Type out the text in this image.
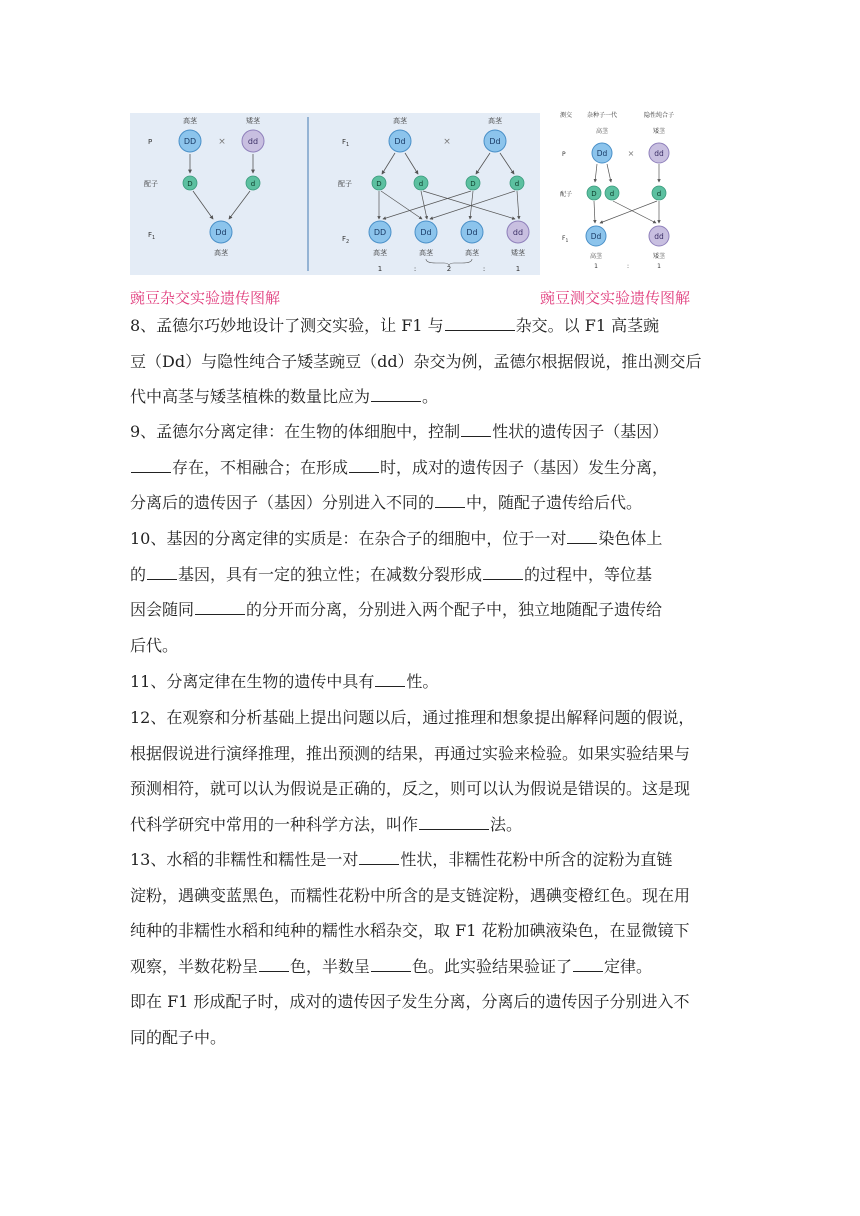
高茎	矮茎
P
配子
$F_1$
DD ×	dd
D	d
Dd
高茎
$F_1$
配子
$F_2$
高茎	高茎
Dd	×	Dd
D	d	D	d
DD	Dd	Dd	dd
高茎	高茎	高茎	矮茎
1	:	2	:	1
测交 杂种子一代	隐性纯合子
高茎	矮茎
P
配子
$F_1$
Dd	×	dd
D d	d
Dd	dd
高茎	矮茎
1	:	1
豌豆杂交实验遗传图解	豌豆测交实验遗传图解
8、孟德尔巧妙地设计了测交实验，让 F1 与	杂交。以 F1 高茎豌
豆（Dd）与隐性纯合子矮茎豌豆（dd）杂交为例，孟德尔根据假说，推出测交后
代中高茎与矮茎植株的数量比应为	。
9、孟德尔分离定律：在生物的体细胞中，控制 性状的遗传因子（基因）
存在，不相融合；在形成 时，成对的遗传因子（基因）发生分离，
分离后的遗传因子（基因）分别进入不同的 中，随配子遗传给后代。
10、基因的分离定律的实质是：在杂合子的细胞中，位于一对 染色体上
的 基因，具有一定的独立性；在减数分裂形成	的过程中，等位基
因会随同	的分开而分离，分别进入两个配子中，独立地随配子遗传给
后代。
11、分离定律在生物的遗传中具有 性。
12、在观察和分析基础上提出问题以后，通过推理和想象提出解释问题的假说，
根据假说进行演绎推理，推出预测的结果，再通过实验来检验。如果实验结果与
预测相符，就可以认为假说是正确的，反之，则可以认为假说是错误的。这是现
代科学研究中常用的一种科学方法，叫作	法。
13、水稻的非糯性和糯性是一对	性状，非糯性花粉中所含的淀粉为直链
淀粉，遇碘变蓝黑色，而糯性花粉中所含的是支链淀粉，遇碘变橙红色。现在用
纯种的非糯性水稻和纯种的糯性水稻杂交，取 F1 花粉加碘液染色，在显微镜下
观察，半数花粉呈 色，半数呈	色。此实验结果验证了 定律。
即在 F1 形成配子时，成对的遗传因子发生分离，分离后的遗传因子分别进入不
同的配子中。
